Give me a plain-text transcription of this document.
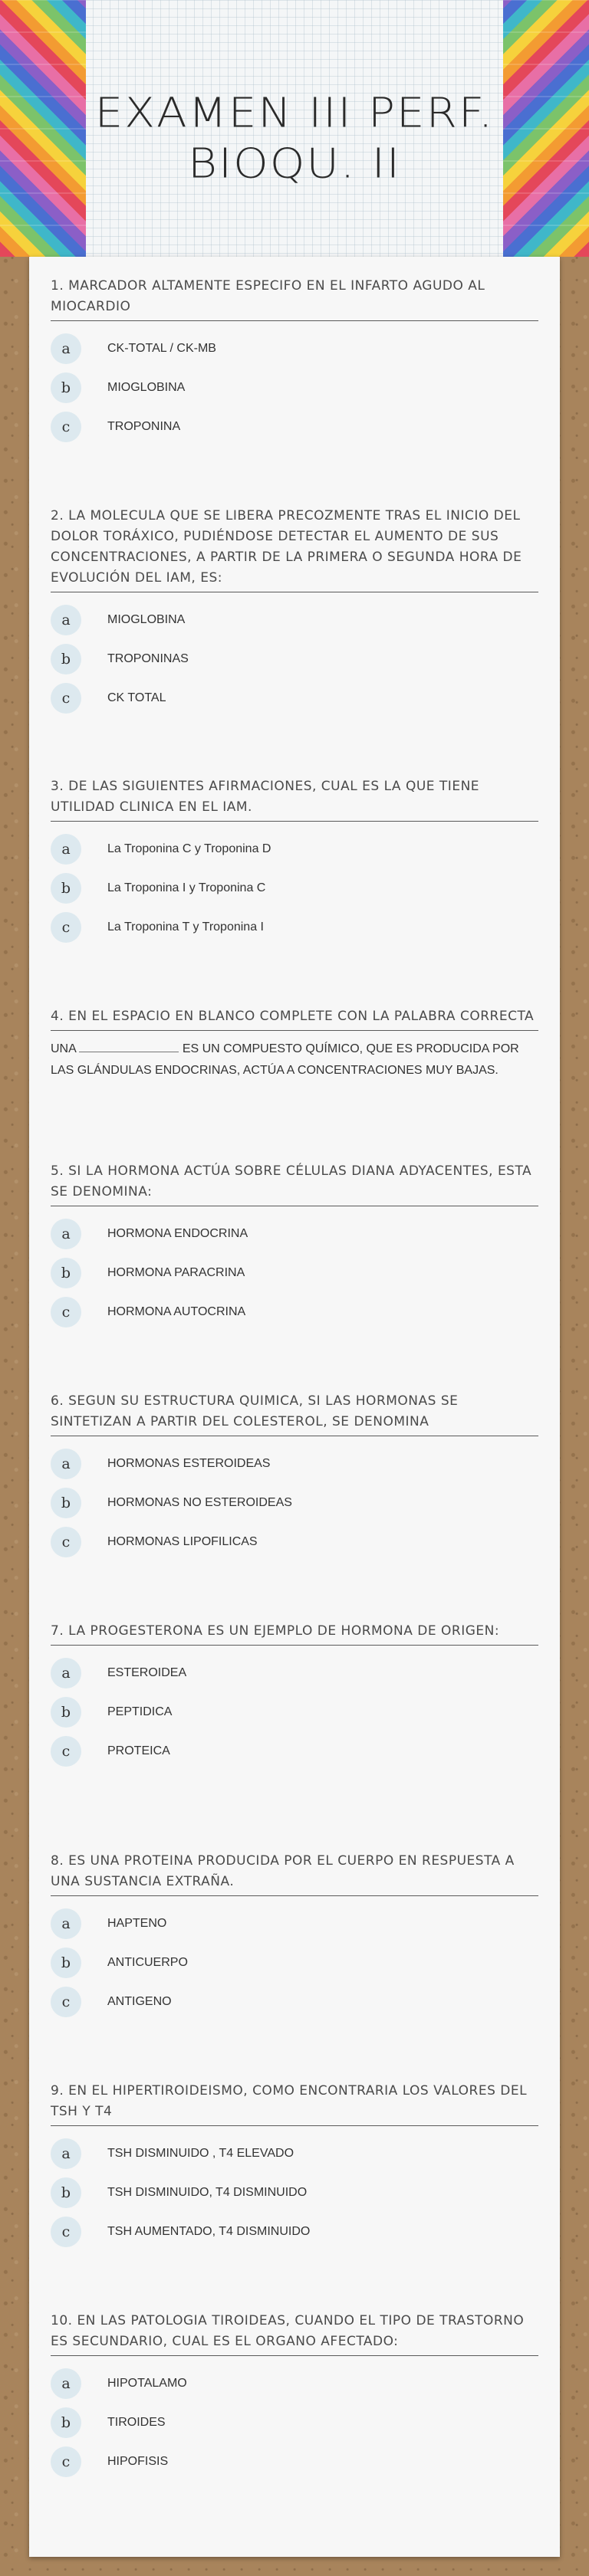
EXAMEN III PERF.
BIOQU. II
1. MARCADOR ALTAMENTE ESPECIFO EN EL INFARTO AGUDO AL MIOCARDIO
a	CK-TOTAL / CK-MB
b	MIOGLOBINA
c	TROPONINA
2. LA MOLECULA QUE SE LIBERA PRECOZMENTE TRAS EL INICIO DEL DOLOR TORÁXICO, PUDIÉNDOSE DETECTAR EL AUMENTO DE SUS CONCENTRACIONES, A PARTIR DE LA PRIMERA O SEGUNDA HORA DE EVOLUCIÓN DEL IAM, ES:
a	MIOGLOBINA
b	TROPONINAS
c	CK TOTAL
3. DE LAS SIGUIENTES AFIRMACIONES, CUAL ES LA QUE TIENE UTILIDAD CLINICA EN EL IAM.
a	La Troponina C y Troponina D
b	La Troponina I y Troponina C
c	La Troponina T y Troponina I
4. EN EL ESPACIO EN BLANCO COMPLETE CON LA PALABRA CORRECTA
UNA	ES UN COMPUESTO QUÍMICO, QUE ES PRODUCIDA POR LAS GLÁNDULAS ENDOCRINAS, ACTÚA A CONCENTRACIONES MUY BAJAS.
5. SI LA HORMONA ACTÚA SOBRE CÉLULAS DIANA ADYACENTES, ESTA SE DENOMINA:
a	HORMONA ENDOCRINA
b	HORMONA PARACRINA
c	HORMONA AUTOCRINA
6. SEGUN SU ESTRUCTURA QUIMICA, SI LAS HORMONAS SE SINTETIZAN A PARTIR DEL COLESTEROL, SE DENOMINA
a	HORMONAS ESTEROIDEAS
b	HORMONAS NO ESTEROIDEAS
c	HORMONAS LIPOFILICAS
7. LA PROGESTERONA ES UN EJEMPLO DE HORMONA DE ORIGEN:
a	ESTEROIDEA
b	PEPTIDICA
c	PROTEICA
8. ES UNA PROTEINA PRODUCIDA POR EL CUERPO EN RESPUESTA A UNA SUSTANCIA EXTRAÑA.
a	HAPTENO
b	ANTICUERPO
c	ANTIGENO
9. EN EL HIPERTIROIDEISMO, COMO ENCONTRARIA LOS VALORES DEL TSH Y T4
a	TSH DISMINUIDO , T4 ELEVADO
b	TSH DISMINUIDO, T4 DISMINUIDO
c	TSH AUMENTADO, T4 DISMINUIDO
10. EN LAS PATOLOGIA TIROIDEAS, CUANDO EL TIPO DE TRASTORNO ES SECUNDARIO, CUAL ES EL ORGANO AFECTADO:
a	HIPOTALAMO
b	TIROIDES
c	HIPOFISIS
